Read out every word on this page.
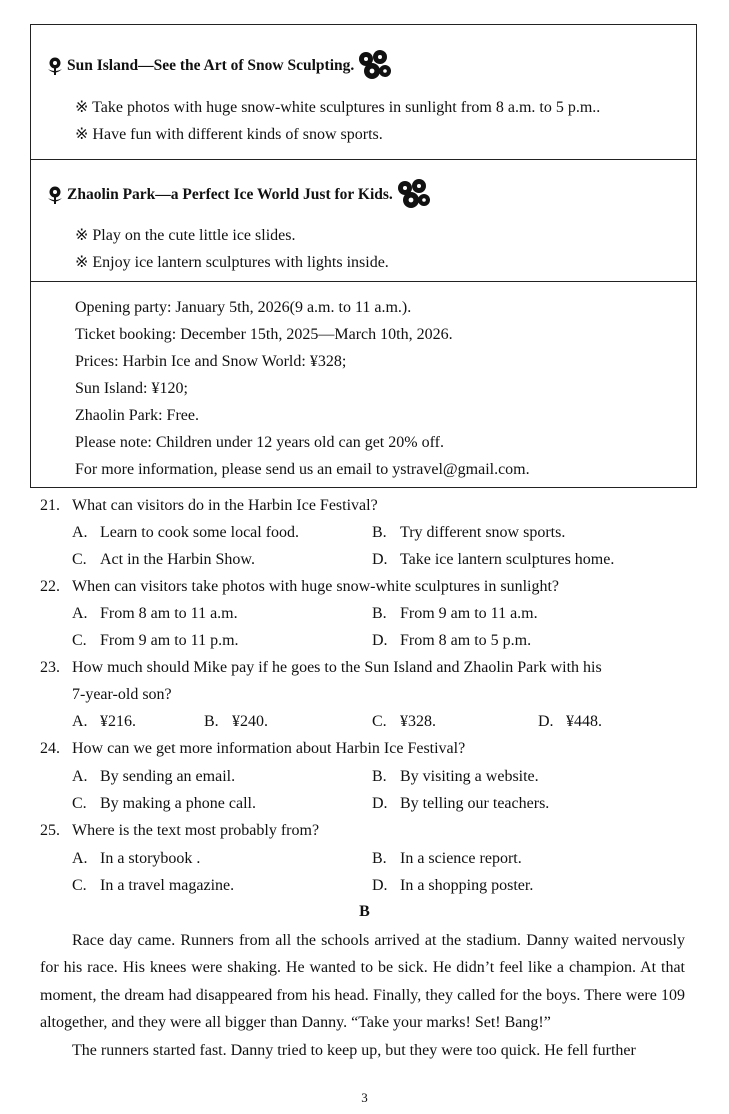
Sun Island—See the Art of Snow Sculpting .
※ Take photos with huge snow-white sculptures in sunlight from 8 a.m. to 5 p.m..
※ Have fun with different kinds of snow sports.
Zhaolin Park—a Perfect Ice World Just for Kids .
※ Play on the cute little ice slides.
※ Enjoy ice lantern sculptures with lights inside.
Opening party: January 5th, 2026(9 a.m. to 11 a.m.).
Ticket booking: December 15th, 2025—March 10th, 2026.
Prices: Harbin Ice and Snow World: ¥328;
Sun Island: ¥120;
Zhaolin Park: Free.
Please note: Children under 12 years old can get 20% off.
For more information, please send us an email to ystravel@gmail.com.
21. What can visitors do in the Harbin Ice Festival?
A. Learn to cook some local food.	B. Try different snow sports.
C. Act in the Harbin Show.	D. Take ice lantern sculptures home.
22. When can visitors take photos with huge snow-white sculptures in sunlight?
A. From 8 am to 11 a.m.	B. From 9 am to 11 a.m.
C. From 9 am to 11 p.m.	D. From 8 am to 5 p.m.
23. How much should Mike pay if he goes to the Sun Island and Zhaolin Park with his
7-year-old son?
A. ¥216.	B. ¥240.	C. ¥328.	D. ¥448.
24. How can we get more information about Harbin Ice Festival?
A. By sending an email.	B. By visiting a website.
C. By making a phone call.	D. By telling our teachers.
25. Where is the text most probably from?
A. In a storybook .	B. In a science report.
C. In a travel magazine.	D. In a shopping poster.
B

Race day came. Runners from all the schools arrived at the stadium. Danny waited nervously for his race. His knees were shaking. He wanted to be sick. He didn’t feel like a champion. At that moment, the dream had disappeared from his head. Finally, they called for the boys. There were 109 altogether, and they were all bigger than Danny. “Take your marks! Set! Bang!”

The runners started fast. Danny tried to keep up, but they were too quick. He fell further

3
